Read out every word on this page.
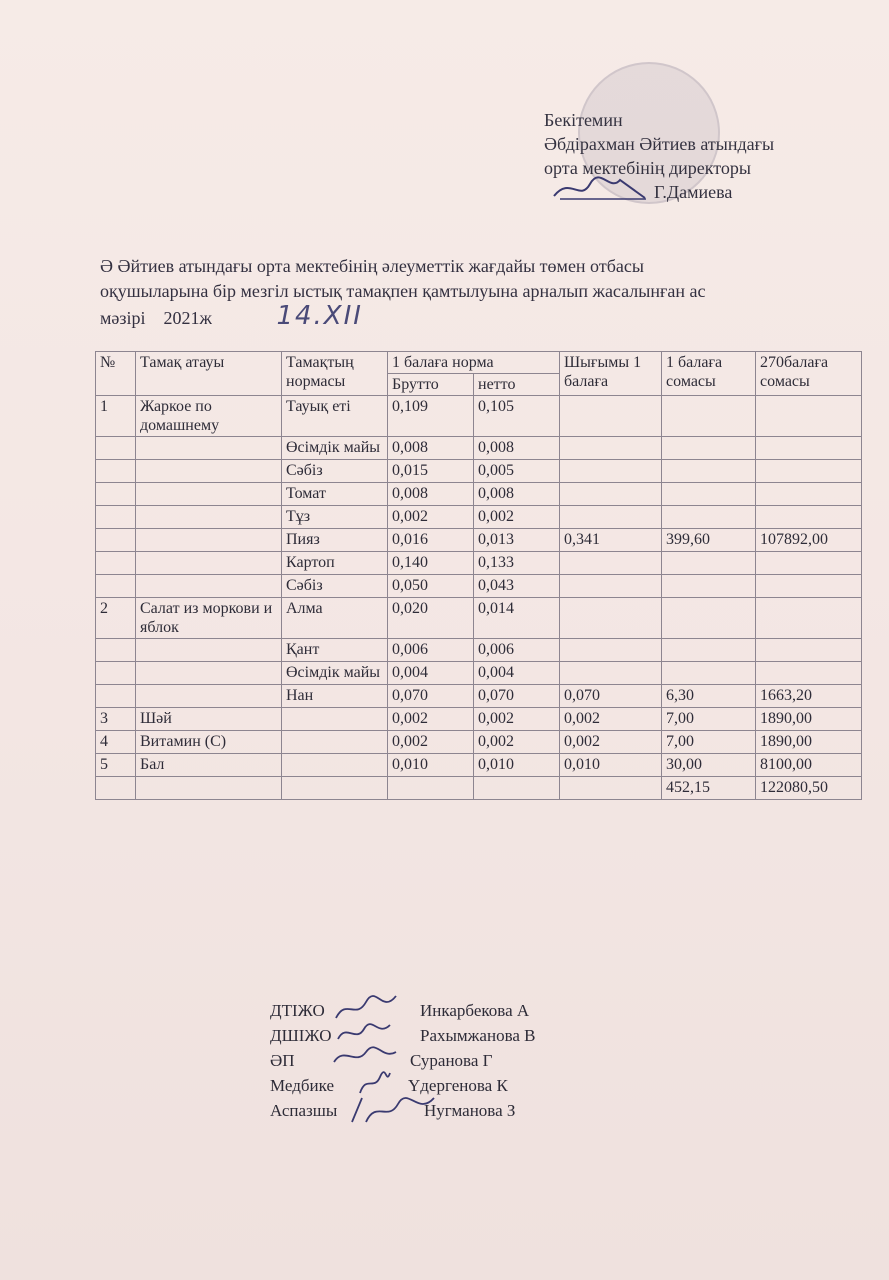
Бекітемин
Әбдірахман Әйтиев атындағы
орта мектебінің директоры
Г.Дамиева
Ә Әйтиев атындағы орта мектебінің әлеуметтік жағдайы төмен отбасы
оқушыларына бір мезгіл ыстық тамақпен қамтылуына арналып жасалынған ас
мәзірі 2021ж 14.XII
№	Тамақ атауы	Тамақтың нормасы	1 балаға норма		Шығымы 1 балаға	1 балаға сомасы	270балаға сомасы
			Брутто	нетто			
1	Жаркое по домашнему	Тауық еті	0,109	0,105			
		Өсімдік майы	0,008	0,008			
		Сәбіз	0,015	0,005			
		Томат	0,008	0,008			
		Тұз	0,002	0,002			
		Пияз	0,016	0,013	0,341	399,60	107892,00
		Картоп	0,140	0,133			
		Сәбіз	0,050	0,043			
2	Салат из моркови и яблок	Алма	0,020	0,014			
		Қант	0,006	0,006			
		Өсімдік майы	0,004	0,004			
		Нан	0,070	0,070	0,070	6,30	1663,20
3	Шәй		0,002	0,002	0,002	7,00	1890,00
4	Витамин (С)		0,002	0,002	0,002	7,00	1890,00
5	Бал		0,010	0,010	0,010	30,00	8100,00
						452,15	122080,50
ДТІЖО	Инкарбекова А
ДШІЖО	Рахымжанова В
ӘП	Суранова Г
Медбике	Үдергенова К
Аспазшы	Нугманова З
